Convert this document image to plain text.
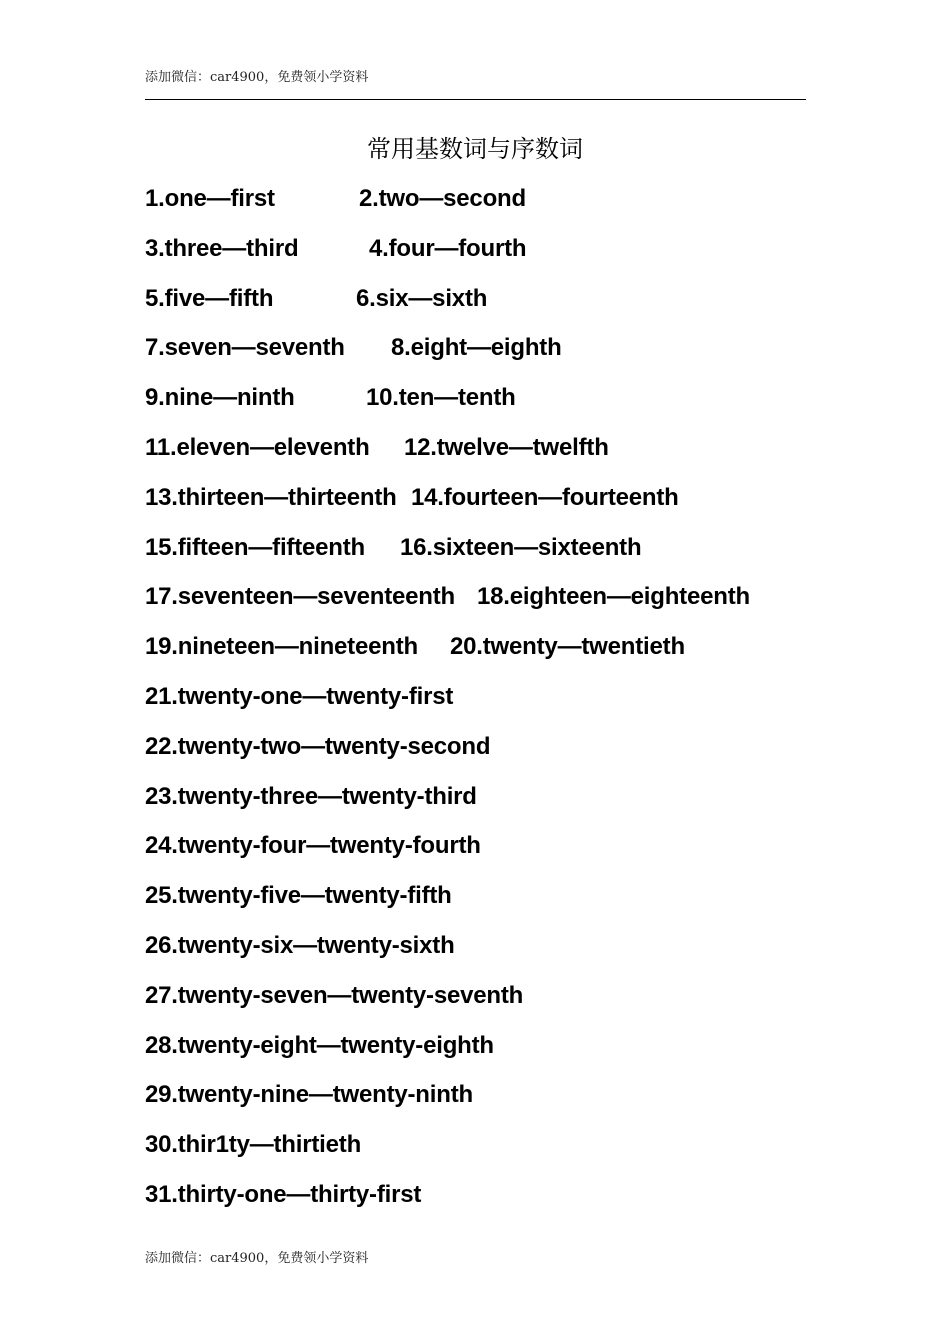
添加微信：car4900，免费领小学资料
常用基数词与序数词
1.one—first	2.two—second
3.three—third	4.four—fourth
5.five—fifth	6.six—sixth
7.seven—seventh 8.eight—eighth
9.nine—ninth	10.ten—tenth
11.eleven—eleventh 12.twelve—twelfth
13.thirteen—thirteenth 14.fourteen—fourteenth
15.fifteen—fifteenth 16.sixteen—sixteenth
17.seventeen—seventeenth 18.eighteen—eighteenth
19.nineteen—nineteenth 20.twenty—twentieth
21.twenty-one—twenty-first
22.twenty-two—twenty-second
23.twenty-three—twenty-third
24.twenty-four—twenty-fourth
25.twenty-five—twenty-fifth
26.twenty-six—twenty-sixth
27.twenty-seven—twenty-seventh
28.twenty-eight—twenty-eighth
29.twenty-nine—twenty-ninth
30.thir1ty—thirtieth
31.thirty-one—thirty-first
添加微信：car4900，免费领小学资料
